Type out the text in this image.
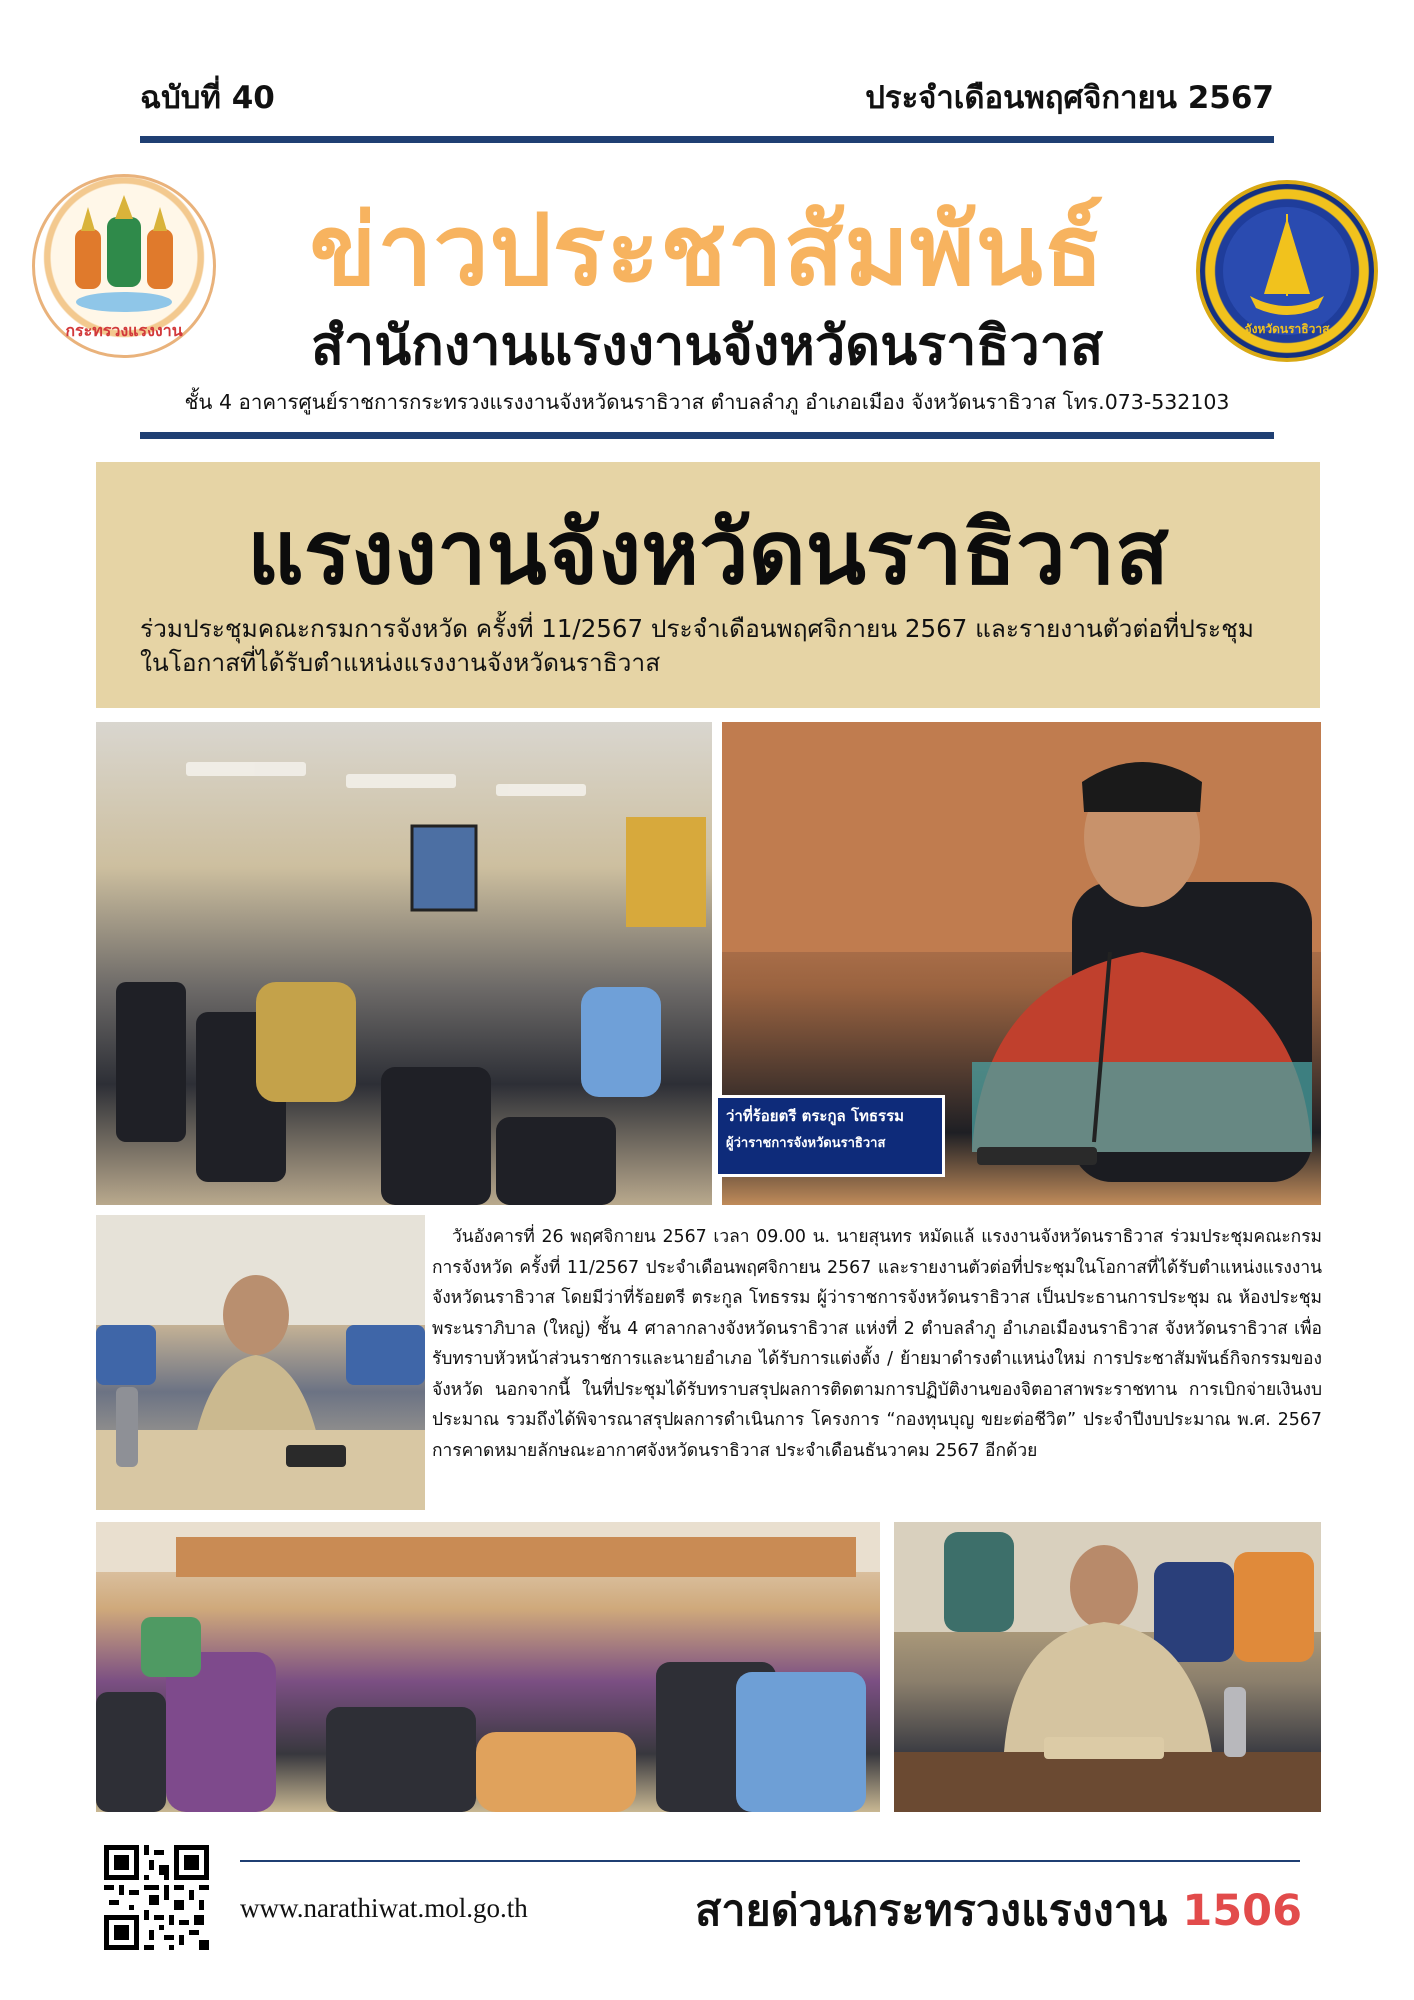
ฉบับที่ 40	ประจำเดือนพฤศจิกายน 2567
กระทรวงแรงงาน	จังหวัดนราธิวาส
ข่าวประชาสัมพันธ์
สำนักงานแรงงานจังหวัดนราธิวาส
ชั้น 4 อาคารศูนย์ราชการกระทรวงแรงงานจังหวัดนราธิวาส ตำบลลำภู อำเภอเมือง จังหวัดนราธิวาส โทร.073-532103
แรงงานจังหวัดนราธิวาส
ร่วมประชุมคณะกรมการจังหวัด ครั้งที่ 11/2567 ประจำเดือนพฤศจิกายน 2567 และรายงานตัวต่อที่ประชุม
ในโอกาสที่ได้รับตำแหน่งแรงงานจังหวัดนราธิวาส
ว่าที่ร้อยตรี ตระกูล โทธรรม
ผู้ว่าราชการจังหวัดนราธิวาส
วันอังคารที่ 26 พฤศจิกายน 2567 เวลา 09.00 น. นายสุนทร หมัดแล้ แรงงานจังหวัดนราธิวาส ร่วมประชุมคณะกรมการจังหวัด ครั้งที่ 11/2567 ประจำเดือนพฤศจิกายน 2567 และรายงานตัวต่อที่ประชุมในโอกาสที่ได้รับตำแหน่งแรงงานจังหวัดนราธิวาส โดยมีว่าที่ร้อยตรี ตระกูล โทธรรม ผู้ว่าราชการจังหวัดนราธิวาส เป็นประธานการประชุม ณ ห้องประชุมพระนราภิบาล (ใหญ่) ชั้น 4 ศาลากลางจังหวัดนราธิวาส แห่งที่ 2 ตำบลลำภู อำเภอเมืองนราธิวาส จังหวัดนราธิวาส เพื่อรับทราบหัวหน้าส่วนราชการและนายอำเภอ ได้รับการแต่งตั้ง / ย้ายมาดำรงตำแหน่งใหม่ การประชาสัมพันธ์กิจกรรมของจังหวัด นอกจากนี้ ในที่ประชุมได้รับทราบสรุปผลการติดตามการปฏิบัติงานของจิตอาสาพระราชทาน การเบิกจ่ายเงินงบประมาณ รวมถึงได้พิจารณาสรุปผลการดำเนินการ โครงการ “กองทุนบุญ ขยะต่อชีวิต” ประจำปีงบประมาณ พ.ศ. 2567 การคาดหมายลักษณะอากาศจังหวัดนราธิวาส ประจำเดือนธันวาคม 2567 อีกด้วย
www.narathiwat.mol.go.th	สายด่วนกระทรวงแรงงาน 1506
